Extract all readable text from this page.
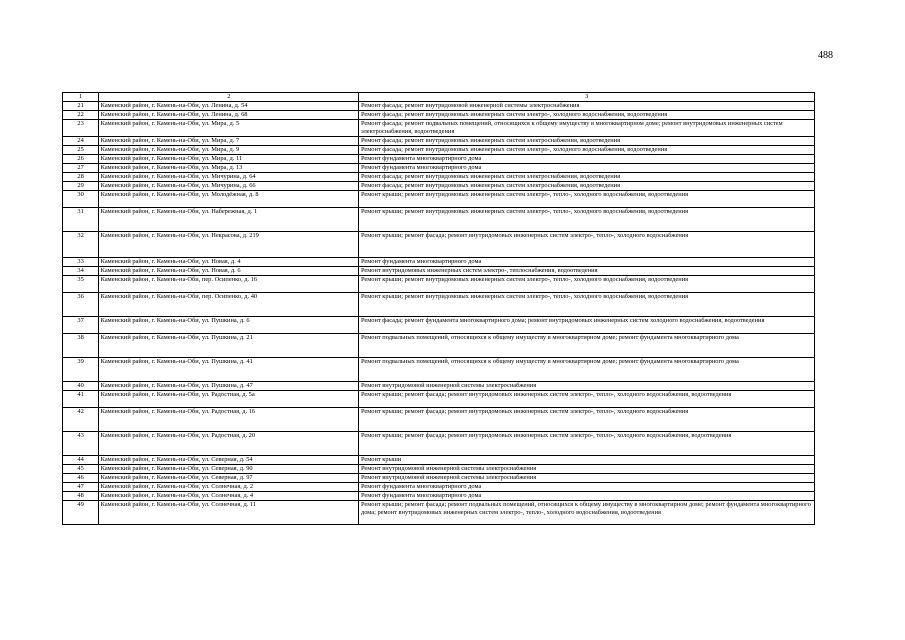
488
1	2	3
21	Каменский район, г. Камень-на-Оби, ул. Ленина, д. 54	Ремонт фасада; ремонт внутридомовой инженерной системы электроснабжения
22	Каменский район, г. Камень-на-Оби, ул. Ленина, д. 68	Ремонт фасада; ремонт внутридомовых инженерных систем электро-, холодного водоснабжения, водоотведения
23	Каменский район, г. Камень-на-Оби, ул. Мира, д. 5	Ремонт фасада; ремонт подвальных помещений, относящихся к общему имуществу в многоквартирном доме; ремонт внутридомовых инженерных систем электроснабжения, водоотведения
24	Каменский район, г. Камень-на-Оби, ул. Мира, д. 7	Ремонт фасада; ремонт внутридомовых инженерных систем электроснабжения, водоотведения
25	Каменский район, г. Камень-на-Оби, ул. Мира, д. 9	Ремонт фасада; ремонт внутридомовых инженерных систем электро-, холодного водоснабжения, водоотведения
26	Каменский район, г. Камень-на-Оби, ул. Мира, д. 11	Ремонт фундамента многоквартирного дома
27	Каменский район, г. Камень-на-Оби, ул. Мира, д. 13	Ремонт фундамента многоквартирного дома
28	Каменский район, г. Камень-на-Оби, ул. Мичурина, д. 64	Ремонт фасада; ремонт внутридомовых инженерных систем электроснабжения, водоотведения
29	Каменский район, г. Камень-на-Оби, ул. Мичурина, д. 66	Ремонт фасада; ремонт внутридомовых инженерных систем электроснабжения, водоотведения
30	Каменский район, г. Камень-на-Оби, ул. Молодёжная, д. 8	Ремонт крыши; ремонт внутридомовых инженерных систем электро-, тепло-, холодного водоснабжения, водоотведения
31	Каменский район, г. Камень-на-Оби, ул. Набережная, д. 1	Ремонт крыши; ремонт внутридомовых инженерных систем электро-, тепло-, холодного водоснабжения, водоотведения
32	Каменский район, г. Камень-на-Оби, ул. Некрасова, д. 219	Ремонт крыши; ремонт фасада; ремонт внутридомовых инженерных систем электро-, тепло-, холодного водоснабжения
33	Каменский район, г. Камень-на-Оби, ул. Новая, д. 4	Ремонт фундамента многоквартирного дома
34	Каменский район, г. Камень-на-Оби, ул. Новая, д. 6	Ремонт внутридомовых инженерных систем электро-, теплоснабжения, водоотведения
35	Каменский район, г. Камень-на-Оби, пер. Осипенко, д. 16	Ремонт крыши; ремонт внутридомовых инженерных систем электро-, тепло-, холодного водоснабжения, водоотведения
36	Каменский район, г. Камень-на-Оби, пер. Осипенко, д. 40	Ремонт крыши; ремонт внутридомовых инженерных систем электро-, тепло-, холодного водоснабжения, водоотведения
37	Каменский район, г. Камень-на-Оби, ул. Пушкина, д. 6	Ремонт фасада; ремонт фундамента многоквартирного дома; ремонт внутридомовых инженерных систем холодного водоснабжения, водоотведения
38	Каменский район, г. Камень-на-Оби, ул. Пушкина, д. 21	Ремонт подвальных помещений, относящихся к общему имуществу в многоквартирном доме; ремонт фундамента многоквартирного дома
39	Каменский район, г. Камень-на-Оби, ул. Пушкина, д. 41	Ремонт подвальных помещений, относящихся к общему имуществу в многоквартирном доме; ремонт фундамента многоквартирного дома
40	Каменский район, г. Камень-на-Оби, ул. Пушкина, д. 47	Ремонт внутридомовой инженерной системы электроснабжения
41	Каменский район, г. Камень-на-Оби, ул. Радостная, д. 5а	Ремонт крыши; ремонт фасада; ремонт внутридомовых инженерных систем электро-, тепло-, холодного водоснабжения, водоотведения
42	Каменский район, г. Камень-на-Оби, ул. Радостная, д. 16	Ремонт крыши; ремонт фасада; ремонт внутридомовых инженерных систем электро-, тепло-, холодного водоснабжения
43	Каменский район, г. Камень-на-Оби, ул. Радостная, д. 20	Ремонт крыши; ремонт фасада; ремонт внутридомовых инженерных систем электро-, тепло-, холодного водоснабжения, водоотведения
44	Каменский район, г. Камень-на-Оби, ул. Северная, д. 54	Ремонт крыши
45	Каменский район, г. Камень-на-Оби, ул. Северная, д. 90	Ремонт внутридомовой инженерной системы электроснабжения
46	Каменский район, г. Камень-на-Оби, ул. Северная, д. 97	Ремонт внутридомовой инженерной системы электроснабжения
47	Каменский район, г. Камень-на-Оби, ул. Солнечная, д. 2	Ремонт фундамента многоквартирного дома
48	Каменский район, г. Камень-на-Оби, ул. Солнечная, д. 4	Ремонт фундамента многоквартирного дома
49	Каменский район, г. Камень-на-Оби, ул. Солнечная, д. 11	Ремонт крыши; ремонт фасада; ремонт подвальных помещений, относящихся к общему имуществу в многоквартирном доме; ремонт фундамента многоквартирного дома; ремонт внутридомовых инженерных систем электро-, тепло-, холодного водоснабжения, водоотведения
